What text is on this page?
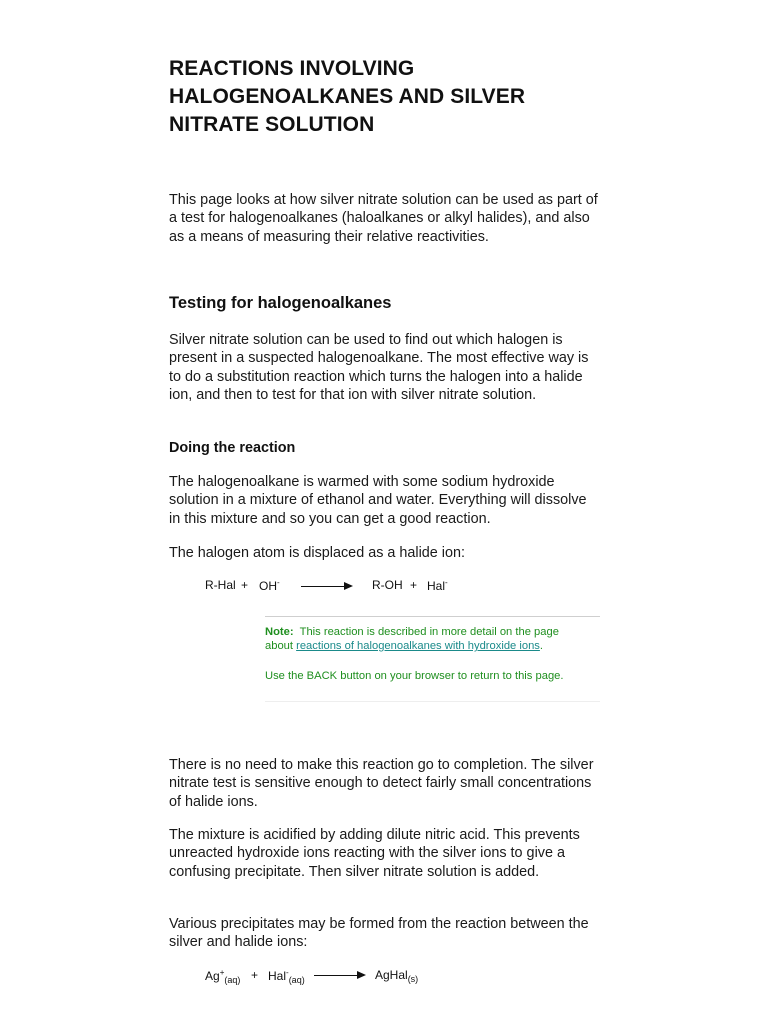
REACTIONS INVOLVING HALOGENOALKANES AND SILVER NITRATE SOLUTION

This page looks at how silver nitrate solution can be used as part of a test for halogenoalkanes (haloalkanes or alkyl halides), and also as a means of measuring their relative reactivities.

Testing for halogenoalkanes

Silver nitrate solution can be used to find out which halogen is present in a suspected halogenoalkane. The most effective way is to do a substitution reaction which turns the halogen into a halide ion, and then to test for that ion with silver nitrate solution.

Doing the reaction

The halogenoalkane is warmed with some sodium hydroxide solution in a mixture of ethanol and water. Everything will dissolve in this mixture and so you can get a good reaction.

The halogen atom is displaced as a halide ion:

R-Hal + OH-	R-OH + Hal-
Note: This reaction is described in more detail on the page
about reactions of halogenoalkanes with hydroxide ions.
Use the BACK button on your browser to return to this page.

There is no need to make this reaction go to completion. The silver nitrate test is sensitive enough to detect fairly small concentrations of halide ions.

The mixture is acidified by adding dilute nitric acid. This prevents unreacted hydroxide ions reacting with the silver ions to give a confusing precipitate. Then silver nitrate solution is added.

Various precipitates may be formed from the reaction between the silver and halide ions:

$Ag^+_{(aq)} + Hal^-_{(aq)}$	AgHal$_{(s)}$
